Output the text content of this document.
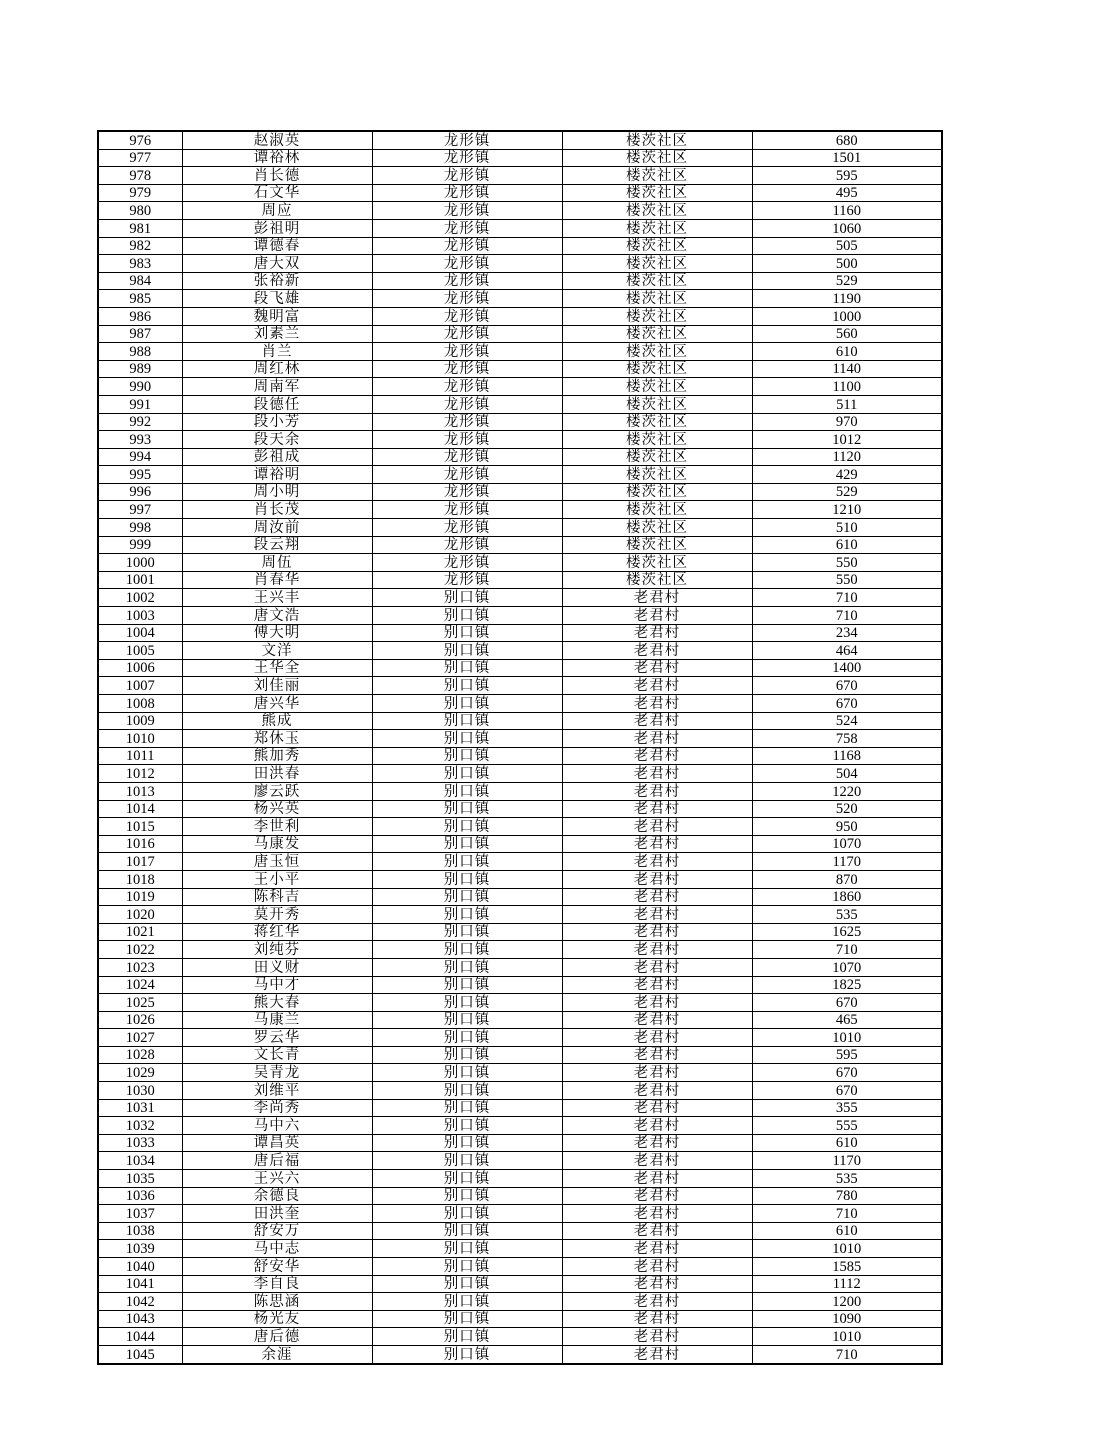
976	赵淑英	龙形镇	楼茨社区	680
977	谭裕林	龙形镇	楼茨社区	1501
978	肖长德	龙形镇	楼茨社区	595
979	石文华	龙形镇	楼茨社区	495
980	周应	龙形镇	楼茨社区	1160
981	彭祖明	龙形镇	楼茨社区	1060
982	谭德春	龙形镇	楼茨社区	505
983	唐大双	龙形镇	楼茨社区	500
984	张裕新	龙形镇	楼茨社区	529
985	段飞雄	龙形镇	楼茨社区	1190
986	魏明富	龙形镇	楼茨社区	1000
987	刘素兰	龙形镇	楼茨社区	560
988	肖兰	龙形镇	楼茨社区	610
989	周红林	龙形镇	楼茨社区	1140
990	周南军	龙形镇	楼茨社区	1100
991	段德任	龙形镇	楼茨社区	511
992	段小芳	龙形镇	楼茨社区	970
993	段天余	龙形镇	楼茨社区	1012
994	彭祖成	龙形镇	楼茨社区	1120
995	谭裕明	龙形镇	楼茨社区	429
996	周小明	龙形镇	楼茨社区	529
997	肖长茂	龙形镇	楼茨社区	1210
998	周汝前	龙形镇	楼茨社区	510
999	段云翔	龙形镇	楼茨社区	610
1000	周伍	龙形镇	楼茨社区	550
1001	肖春华	龙形镇	楼茨社区	550
1002	王兴丰	别口镇	老君村	710
1003	唐文浩	别口镇	老君村	710
1004	傅大明	别口镇	老君村	234
1005	文洋	别口镇	老君村	464
1006	王华全	别口镇	老君村	1400
1007	刘佳丽	别口镇	老君村	670
1008	唐兴华	别口镇	老君村	670
1009	熊成	别口镇	老君村	524
1010	郑休玉	别口镇	老君村	758
1011	熊加秀	别口镇	老君村	1168
1012	田洪春	别口镇	老君村	504
1013	廖云跃	别口镇	老君村	1220
1014	杨兴英	别口镇	老君村	520
1015	李世利	别口镇	老君村	950
1016	马康发	别口镇	老君村	1070
1017	唐玉恒	别口镇	老君村	1170
1018	王小平	别口镇	老君村	870
1019	陈科吉	别口镇	老君村	1860
1020	莫开秀	别口镇	老君村	535
1021	蒋红华	别口镇	老君村	1625
1022	刘纯芬	别口镇	老君村	710
1023	田义财	别口镇	老君村	1070
1024	马中才	别口镇	老君村	1825
1025	熊大春	别口镇	老君村	670
1026	马康兰	别口镇	老君村	465
1027	罗云华	别口镇	老君村	1010
1028	文长青	别口镇	老君村	595
1029	吴青龙	别口镇	老君村	670
1030	刘维平	别口镇	老君村	670
1031	李尚秀	别口镇	老君村	355
1032	马中六	别口镇	老君村	555
1033	谭昌英	别口镇	老君村	610
1034	唐后福	别口镇	老君村	1170
1035	王兴六	别口镇	老君村	535
1036	余德良	别口镇	老君村	780
1037	田洪奎	别口镇	老君村	710
1038	舒安万	别口镇	老君村	610
1039	马中志	别口镇	老君村	1010
1040	舒安华	别口镇	老君村	1585
1041	李自良	别口镇	老君村	1112
1042	陈思涵	别口镇	老君村	1200
1043	杨光友	别口镇	老君村	1090
1044	唐后德	别口镇	老君村	1010
1045	余涯	别口镇	老君村	710
